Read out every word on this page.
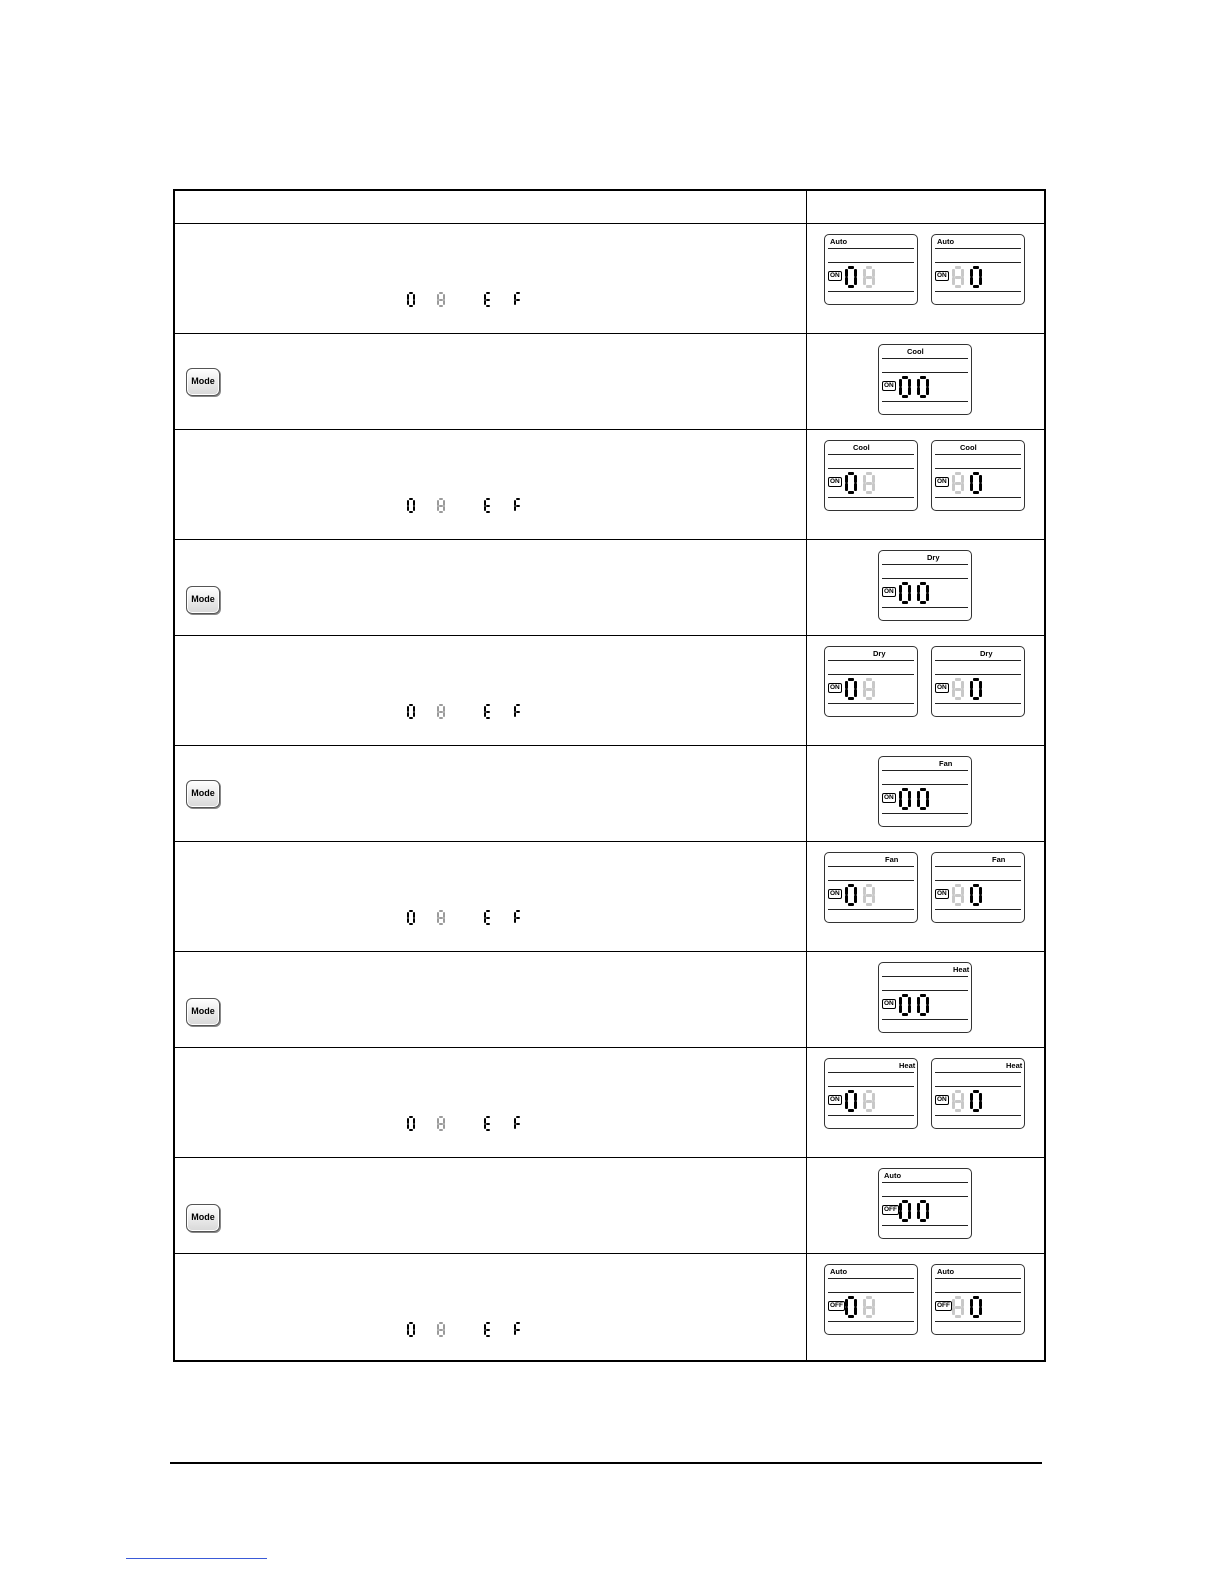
Auto
ON
Auto
ON
Mode
Cool
ON
Cool
ON
Cool
ON
Mode
Dry
ON
Dry
ON
Dry
ON
Mode
Fan
ON
Fan
ON
Fan
ON
Mode
Heat
ON
Heat
ON
Heat
ON
Mode
Auto
OFF
Auto
OFF
Auto
OFF
